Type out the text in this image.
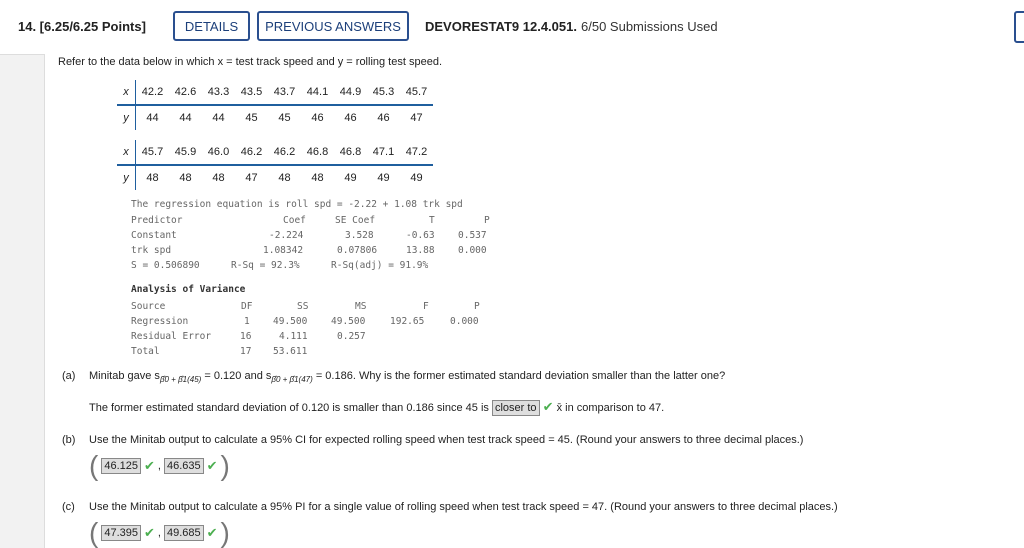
14. [6.25/6.25 Points]	DETAILS	PREVIOUS ANSWERS	DEVORESTAT9 12.4.051. 6/50 Submissions Used
Refer to the data below in which x = test track speed and y = rolling test speed.
x	42.2	42.6	43.3	43.5	43.7	44.1	44.9	45.3	45.7
y	44	44	44	45	45	46	46	46	47
x	45.7	45.9	46.0	46.2	46.2	46.8	46.8	47.1	47.2
y	48	48	48	47	48	48	49	49	49
The regression equation is roll spd = -2.22 + 1.08 trk spd
Predictor	Coef	SE Coef	T	P
Constant	-2.224	3.528	-0.63 0.537
trk spd	1.08342	0.07806	13.88 0.000
S = 0.506890	R-Sq = 92.3%	R-Sq(adj) = 91.9%
Analysis of Variance
Source	DF	SS	MS	F	P
Regression	1 49.500 49.500	192.65	0.000
Residual Error	16	4.111	0.257
Total	17 53.611
(a) Minitab gave $s_{\betâ0 + \betâ1(45)} = 0.120$ and $s_{\betâ0 + \betâ1(47)} = 0.186$. Why is the former estimated standard deviation smaller than the latter one?
The former estimated standard deviation of 0.120 is smaller than 0.186 since 45 is closer to ✔ x̄ in comparison to 47.
(b) Use the Minitab output to calculate a 95% CI for expected rolling speed when test track speed = 45. (Round your answers to three decimal places.)
( 46.125 ✔ , 46.635 ✔ )
(c) Use the Minitab output to calculate a 95% PI for a single value of rolling speed when test track speed = 47. (Round your answers to three decimal places.)
( 47.395 ✔ , 49.685 ✔ )
